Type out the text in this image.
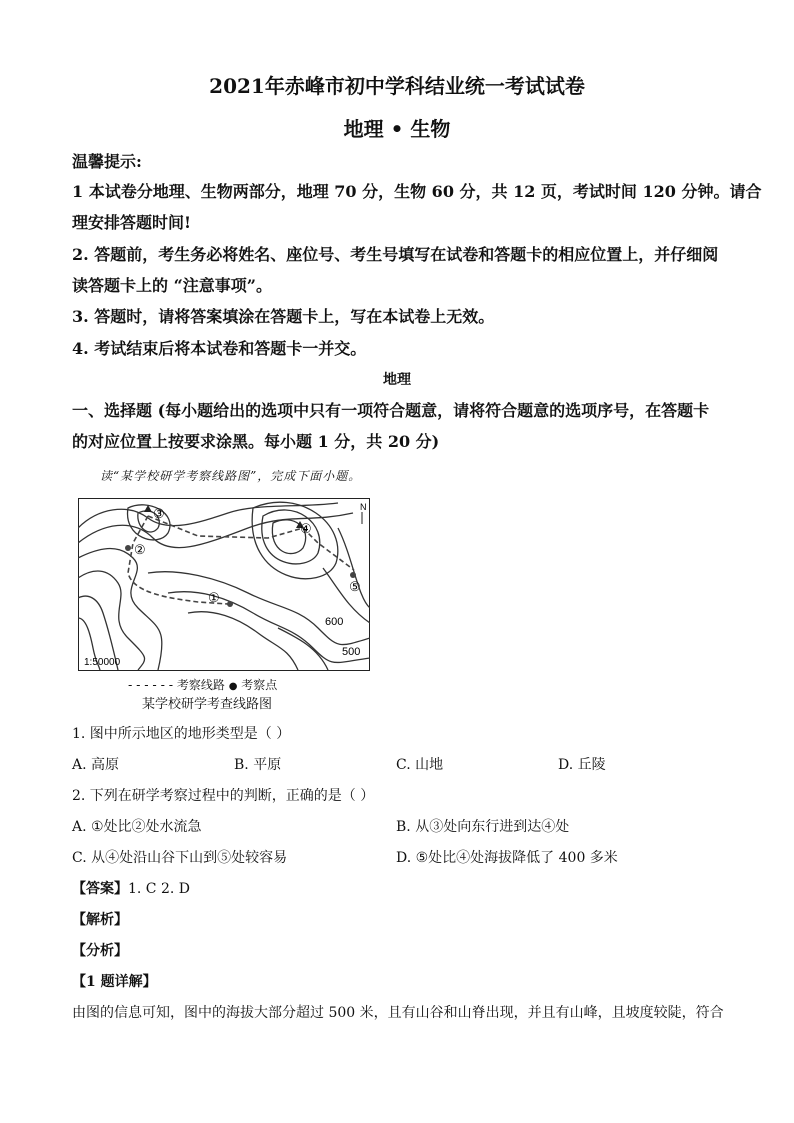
2021年赤峰市初中学科结业统一考试试卷
地理 • 生物
温馨提示:
1 本试卷分地理、生物两部分，地理 70 分，生物 60 分，共 12 页，考试时间 120 分钟。请合
理安排答题时间!
2. 答题前，考生务必将姓名、座位号、考生号填写在试卷和答题卡的相应位置上，并仔细阅
读答题卡上的 “注意事项”。
3. 答题时，请将答案填涂在答题卡上，写在本试卷上无效。
4. 考试结束后将本试卷和答题卡一并交。
地理
一、选择题 (每小题给出的选项中只有一项符合题意，请将符合题意的选项序号，在答题卡
的对应位置上按要求涂黑。每小题 1 分，共 20 分)
读“某学校研学考察线路图”，完成下面小题。
③
②
①
④
⑤
N
600
500
1:50000
- - - - - - 考察线路 ● 考察点
某学校研学考查线路图
1. 图中所示地区的地形类型是（ ）
A. 高原	B. 平原	C. 山地	D. 丘陵
2. 下列在研学考察过程中的判断，正确的是（ ）
A. ①处比②处水流急	B. 从③处向东行进到达④处
C. 从④处沿山谷下山到⑤处较容易	D. ⑤处比④处海拔降低了 400 多米
【答案】1. C 2. D
【解析】
【分析】
【1 题详解】
由图的信息可知，图中的海拔大部分超过 500 米，且有山谷和山脊出现，并且有山峰，且坡度较陡，符合
